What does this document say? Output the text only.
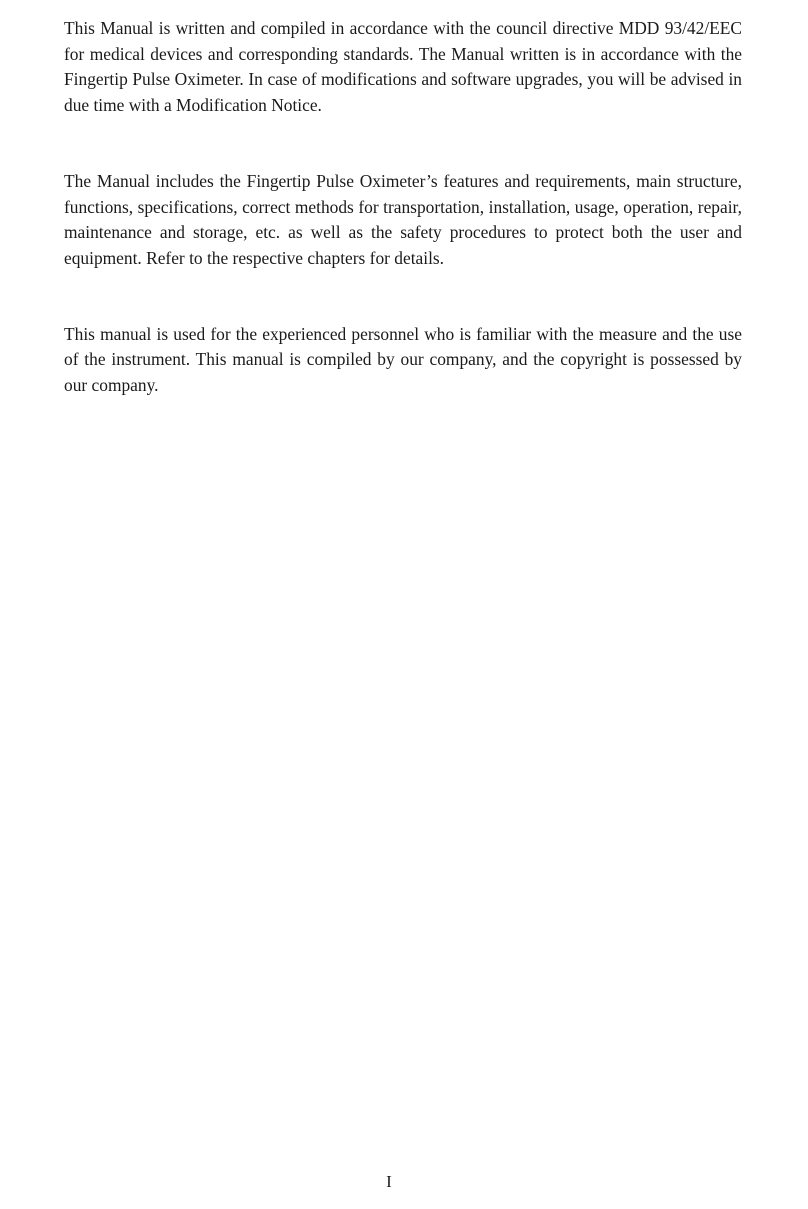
This Manual is written and compiled in accordance with the council directive MDD 93/42/EEC for medical devices and corresponding standards. The Manual written is in accordance with the Fingertip Pulse Oximeter. In case of modifications and software upgrades, you will be advised in due time with a Modification Notice.

The Manual includes the Fingertip Pulse Oximeter’s features and requirements, main structure, functions, specifications, correct methods for transportation, installation, usage, operation, repair, maintenance and storage, etc. as well as the safety procedures to protect both the user and equipment. Refer to the respective chapters for details.

This manual is used for the experienced personnel who is familiar with the measure and the use of the instrument. This manual is compiled by our company, and the copyright is possessed by our company.

I
